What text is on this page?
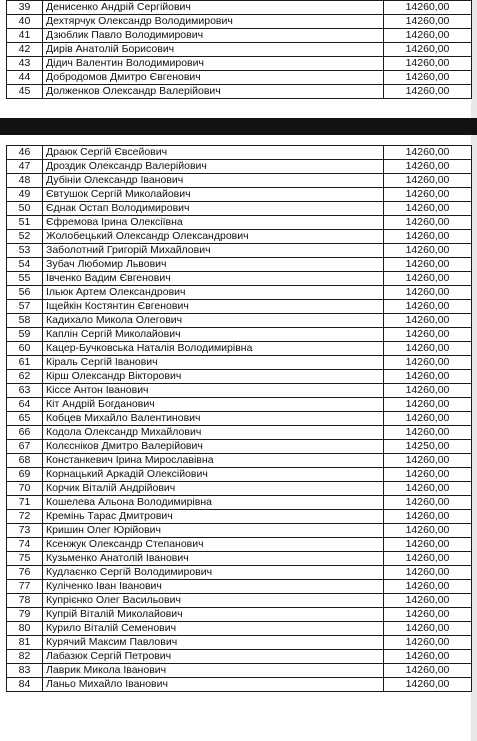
39	Денисенко Андрій Сергійович	14260,00
40	Дехтярчук Олександр Володимирович	14260,00
41	Дзюблик Павло Володимирович	14260,00
42	Дирів Анатолій Борисович	14260,00
43	Дідич Валентин Володимирович	14260,00
44	Добродомов Дмитро Євгенович	14260,00
45	Долженков Олександр Валерійович	14260,00
46	Драюк Сергій Євсейович	14260,00
47	Дроздик Олександр Валерійович	14260,00
48	Дубініи Олександр Іванович	14260,00
49	Євтушок Сергій Миколайович	14260,00
50	Єднак Остап Володимирович	14260,00
51	Єфремова Ірина Олексіївна	14260,00
52	Жолобецький Олександр Олександрович	14260,00
53	Заболотний Григорій Михайлович	14260,00
54	Зубач Любомир Львович	14260,00
55	Івченко Вадим Євгенович	14260,00
56	Ільюк Артем Олександрович	14260,00
57	Іщейкін Костянтин Євгенович	14260,00
58	Кадихало Микола Олегович	14260,00
59	Каплін Сергій Миколайович	14260,00
60	Кацер-Бучковська Наталія Володимирівна	14260,00
61	Кіраль Сергій Іванович	14260,00
62	Кірш Олександр Вікторович	14260,00
63	Кіссе Антон Іванович	14260,00
64	Кіт Андрій Богданович	14260,00
65	Кобцев Михайло Валентинович	14260,00
66	Кодола Олександр Михайлович	14260,00
67	Колєсніков Дмитро Валерійович	14250,00
68	Констанкевич Ірина Мирославівна	14260,00
69	Корнацький Аркадій Олексійович	14260,00
70	Корчик Віталій Андрійович	14260,00
71	Кошелева Альона Володимирівна	14260,00
72	Кремінь Тарас Дмитрович	14260,00
73	Кришин Олег Юрійович	14260,00
74	Ксенжук Олександр Степанович	14260,00
75	Кузьменко Анатолій Іванович	14260,00
76	Кудлаєнко Сергій Володимирович	14260,00
77	Куліченко Іван Іванович	14260,00
78	Купрієнко Олег Васильович	14260,00
79	Купрій Віталій Миколайович	14260,00
80	Курило Віталій Семенович	14260,00
81	Курячий Максим Павлович	14260,00
82	Лабазюк Сергій Петрович	14260,00
83	Лаврик Микола Іванович	14260,00
84	Ланьо Михайло Іванович	14260,00
